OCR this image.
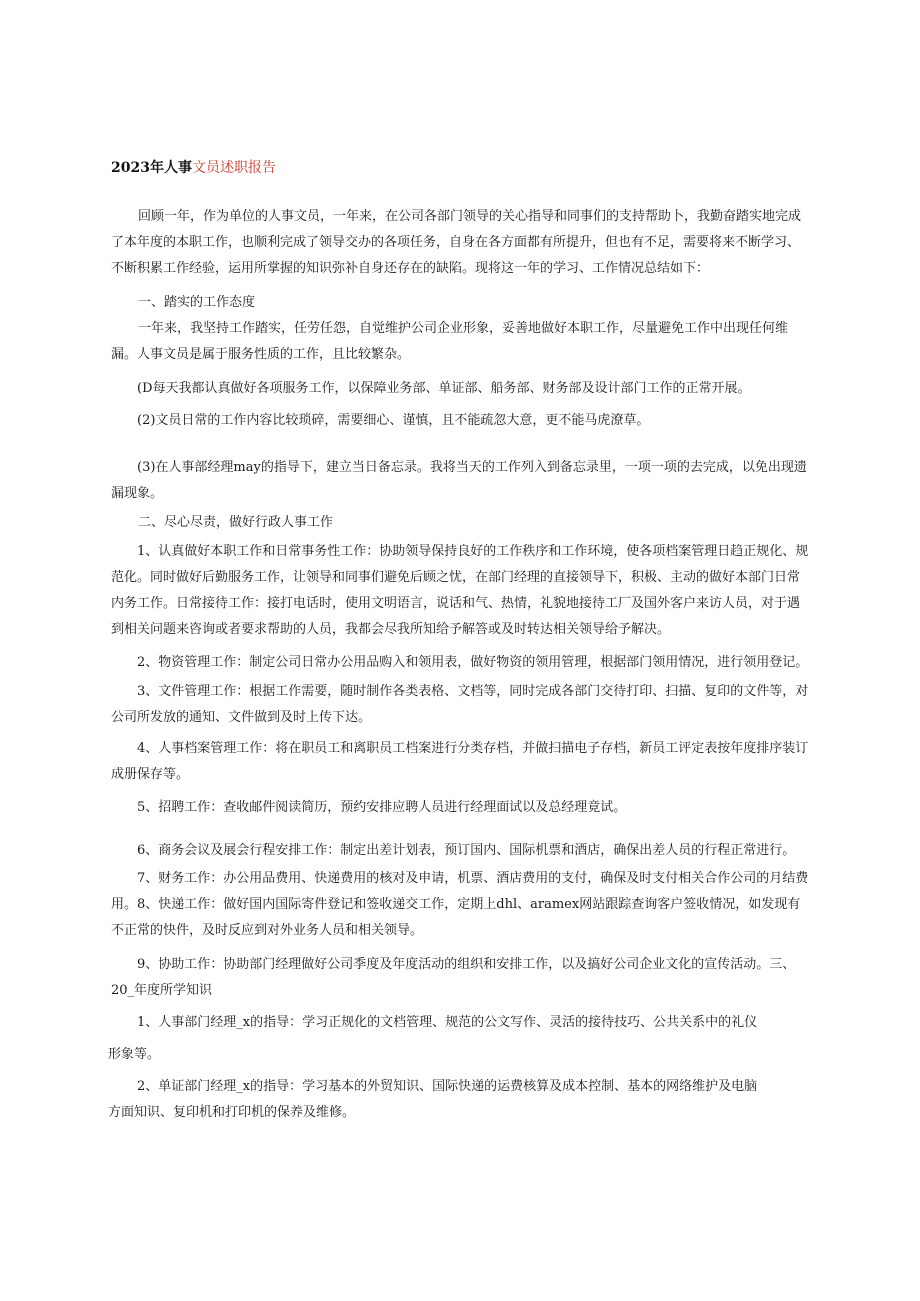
2023年人事文员述职报告
回顾一年，作为单位的人事文员，一年来，在公司各部门领导的关心指导和同事们的支持帮助卜，我勤奋踏实地完成了本年度的本职工作，也顺利完成了领导交办的各项任务，自身在各方面都有所提升，但也有不足，需要将来不断学习、不断积累工作经验，运用所掌握的知识弥补自身还存在的缺陷。现将这一年的学习、工作情况总结如下：
一、踏实的工作态度
一年来，我坚持工作踏实，任劳任怨，自觉维护公司企业形象，妥善地做好本职工作，尽量避免工作中出现任何维漏。人事文员是属于服务性质的工作，且比较繁杂。
(D每天我都认真做好各项服务工作，以保障业务部、单证部、船务部、财务部及设计部门工作的正常开展。
(2)文员日常的工作内容比较琐碎，需要细心、谨慎，且不能疏忽大意，更不能马虎潦草。
(3)在人事部经理may的指导下，建立当日备忘录。我将当天的工作列入到备忘录里，一项一项的去完成，以免出现遗漏现象。
二、尽心尽责，做好行政人事工作
1、认真做好本职工作和日常事务性工作：协助领导保持良好的工作秩序和工作环境，使各项档案管理日趋正规化、规范化。同时做好后勤服务工作，让领导和同事们避免后顾之忧，在部门经理的直接领导下，积极、主动的做好本部门日常内务工作。日常接待工作：接打电话时，使用文明语言，说话和气、热情，礼貌地接待工厂及国外客户来访人员，对于遇到相关问题来咨询或者要求帮助的人员，我都会尽我所知给予解答或及时转达相关领导给予解决。
2、物资管理工作：制定公司日常办公用品购入和领用表，做好物资的领用管理，根据部门领用情况，进行领用登记。
3、文件管理工作：根据工作需要，随时制作各类表格、文档等，同时完成各部门交待打印、扫描、复印的文件等，对公司所发放的通知、文件做到及时上传下达。
4、人事档案管理工作：将在职员工和离职员工档案进行分类存档，并做扫描电子存档，新员工评定表按年度排序装订成册保存等。
5、招聘工作：查收邮件阅读简历，预约安排应聘人员进行经理面试以及总经理竟试。
6、商务会议及展会行程安排工作：制定出差计划表，预订国内、国际机票和酒店，确保出差人员的行程正常进行。
7、财务工作：办公用品费用、快递费用的核对及申请，机票、酒店费用的支付，确保及时支付相关合作公司的月结费用。8、快递工作：做好国内国际寄件登记和签收递交工作，定期上dhl、aramex网站跟踪查询客户签收情况，如发现有不正常的快件，及时反应到对外业务人员和相关领导。
9、协助工作：协助部门经理做好公司季度及年度活动的组织和安排工作，以及搞好公司企业文化的宣传活动。三、20_年度所学知识
1、人事部门经理_x的指导：学习正规化的文档管理、规范的公文写作、灵活的接待技巧、公共关系中的礼仪
形象等。
2、单证部门经理_x的指导：学习基本的外贸知识、国际快递的运费核算及成本控制、基本的网络维护及电脑
方面知识、复印机和打印机的保养及维修。
